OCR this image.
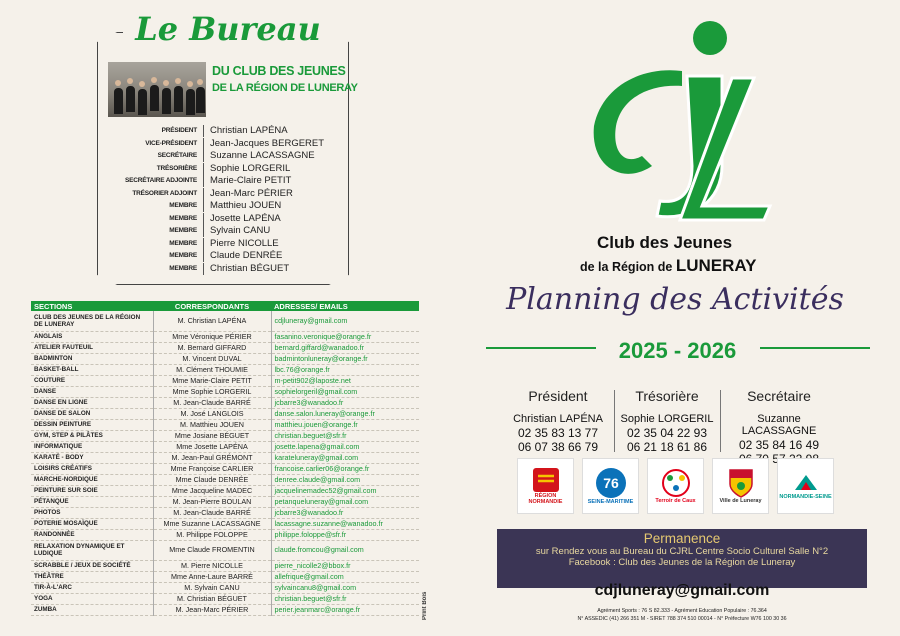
Le Bureau
DU CLUB DES JEUNES
DE LA RÉGION DE LUNERAY
PRÉSIDENT	Christian LAPÉNA
VICE-PRÉSIDENT	Jean-Jacques BERGERET
SECRÉTAIRE	Suzanne LACASSAGNE
TRÉSORIÈRE	Sophie LORGERIL
SECRÉTAIRE ADJOINTE	Marie-Claire PETIT
TRÉSORIER ADJOINT	Jean-Marc PÉRIER
MEMBRE	Matthieu JOUEN
MEMBRE	Josette LAPÉNA
MEMBRE	Sylvain CANU
MEMBRE	Pierre NICOLLE
MEMBRE	Claude DENRÉE
MEMBRE	Christian BÉGUET
SECTIONS	CORRESPONDANTS	ADRESSES/ EMAILS
CLUB DES JEUNES DE LA RÉGION DE LUNERAY	M. Christian LAPÉNA	cdjluneray@gmail.com
ANGLAIS	Mme Véronique PÉRIER	fasanino.veronique@orange.fr
ATELIER FAUTEUIL	M. Bernard GIFFARD	bernard.giffard@wanadoo.fr
BADMINTON	M. Vincent DUVAL	badmintonluneray@orange.fr
BASKET-BALL	M. Clément THOUMIE	lbc.76@orange.fr
COUTURE	Mme Marie-Claire PETIT	m-petit902@laposte.net
DANSE	Mme Sophie LORGERIL	sophielorgeril@gmail.com
DANSE EN LIGNE	M. Jean-Claude BARRÉ	jcbarre3@wanadoo.fr
DANSE DE SALON	M. José LANGLOIS	danse.salon.luneray@orange.fr
DESSIN PEINTURE	M. Matthieu JOUEN	matthieu.jouen@orange.fr
GYM, STEP & PILÂTES	Mme Josiane BÉGUET	christian.beguet@sfr.fr
INFORMATIQUE	Mme Josette LAPÉNA	josette.lapena@gmail.com
KARATÉ - BODY	M. Jean-Paul GRÉMONT	karateluneray@gmail.com
LOISIRS CRÉATIFS	Mme Françoise CARLIER	francoise.carlier06@orange.fr
MARCHE-NORDIQUE	Mme Claude DENRÉE	denree.claude@gmail.com
PEINTURE SUR SOIE	Mme Jacqueline MADEC	jacquelinemadec52@gmail.com
PÉTANQUE	M. Jean-Pierre BOULAN	petanqueluneray@gmail.com
PHOTOS	M. Jean-Claude BARRÉ	jcbarre3@wanadoo.fr
POTERIE MOSAÏQUE	Mme Suzanne LACASSAGNE	lacassagne.suzanne@wanadoo.fr
RANDONNÉE	M. Philippe FOLOPPE	philippe.foloppe@sfr.fr
RELAXATION DYNAMIQUE ET LUDIQUE	Mme Claude FROMENTIN	claude.fromcou@gmail.com
SCRABBLE / JEUX DE SOCIÉTÉ	M. Pierre NICOLLE	pierre_nicolle2@bbox.fr
THÉÂTRE	Mme Anne-Laure BARRÉ	allefrique@gmail.com
TIR-À-L'ARC	M. Sylvain CANU	sylvaincanu8@gmail.com
YOGA	M. Christian BÉGUET	christian.beguet@sfr.fr
ZUMBA	M. Jean-Marc PÉRIER	perier.jeanmarc@orange.fr	Print Bois
Club des Jeunes
de la Région de LUNERAY
Planning des Activités
2025 - 2026
Président
Christian LAPÉNA
02 35 83 13 77
06 07 38 66 79
Trésorière
Sophie LORGERIL
02 35 04 22 93
06 21 18 61 86
Secrétaire
Suzanne LACASSAGNE
02 35 84 16 49
RÉGION NORMANDIE
76
SEINE-MARITIME	Terroir de Caux	Ville de Luneray
NORMANDIE-SEINE
Permanence
sur Rendez vous au Bureau du CJRL Centre Socio Culturel Salle N°2
Facebook : Club des Jeunes de la Région de Luneray
cdjluneray@gmail.com
Agrément Sports : 76 S 82.333 - Agrément Education Populaire : 76.364
N° ASSEDIC (41) 266 351 M - SIRET 788 374 510 00014 - N° Préfecture W76 100 30 36
